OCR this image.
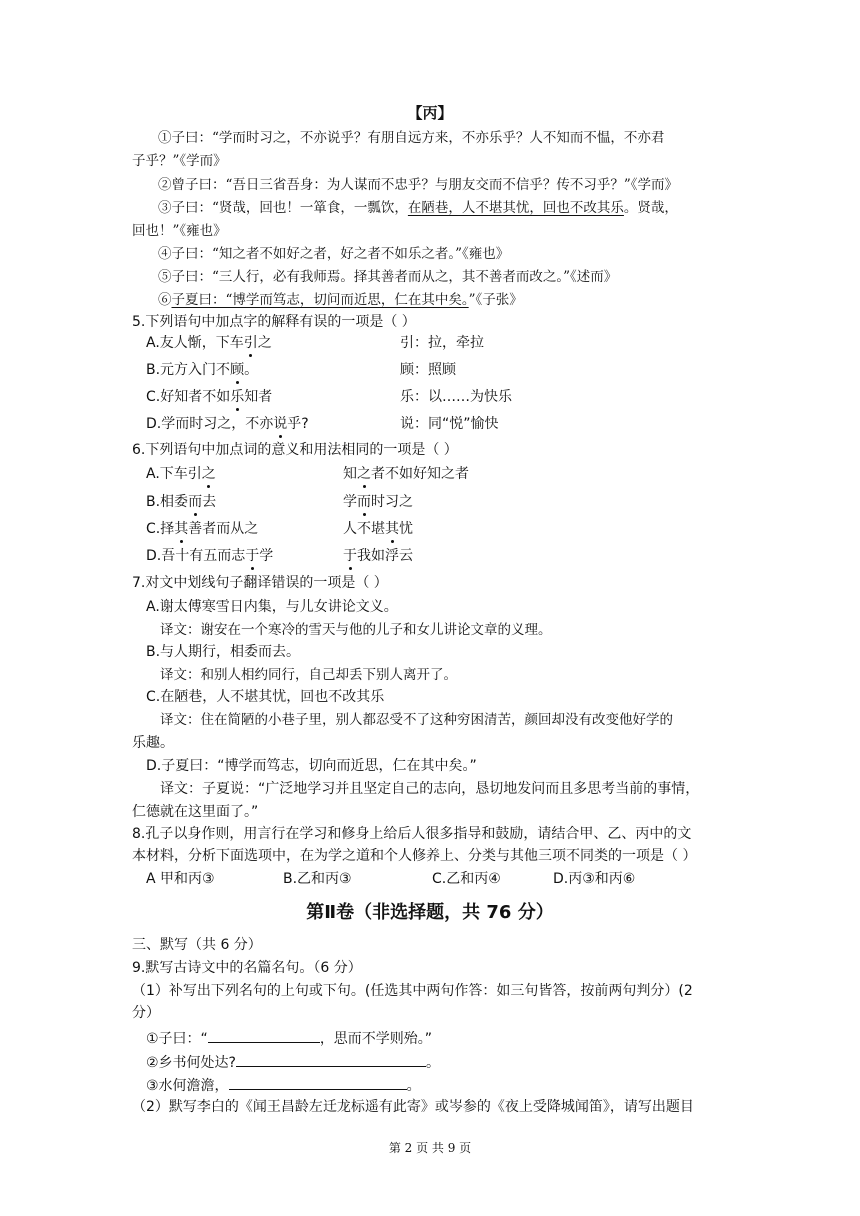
【丙】
①子曰：“学而时习之，不亦说乎？有朋自远方来，不亦乐乎？人不知而不愠，不亦君
子乎？”《学而》
②曾子曰：“吾日三省吾身：为人谋而不忠乎？与朋友交而不信乎？传不习乎？”《学而》
③子曰：“贤哉，回也！一箪食，一瓢饮，在陋巷，人不堪其忧，回也不改其乐。贤哉，
回也！”《雍也》
④子曰：“知之者不如好之者，好之者不如乐之者。”《雍也》
⑤子曰：“三人行，必有我师焉。择其善者而从之，其不善者而改之。”《述而》
⑥子夏曰：“博学而笃志，切问而近思，仁在其中矣。”《子张》
5.下列语句中加点字的解释有误的一项是（ ）
A.友人惭，下车引之	引：拉，牵拉
B.元方入门不顾。	顾：照顾
C.好知者不如乐知者	乐：以……为快乐
D.学而时习之，不亦说乎?	说：同“悦”愉快
6.下列语句中加点词的意义和用法相同的一项是（ ）
A.下车引之	知之者不如好知之者
B.相委而去	学而时习之
C.择其善者而从之	人不堪其忧
D.吾十有五而志于学	于我如浮云
7.对文中划线句子翻译错误的一项是（ ）
A.谢太傅寒雪日内集，与儿女讲论文义。
译文：谢安在一个寒冷的雪天与他的儿子和女儿讲论文章的义理。
B.与人期行，相委而去。
译文：和别人相约同行，自己却丢下别人离开了。
C.在陋巷，人不堪其忧，回也不改其乐
译文：住在简陋的小巷子里，别人都忍受不了这种穷困清苦，颜回却没有改变他好学的
乐趣。
D.子夏曰：“博学而笃志，切向而近思，仁在其中矣。”
译文：子夏说：“广泛地学习并且坚定自己的志向，恳切地发问而且多思考当前的事情，
仁德就在这里面了。”
8.孔子以身作则，用言行在学习和修身上给后人很多指导和鼓励，请结合甲、乙、丙中的文
本材料，分析下面选项中，在为学之道和个人修养上、分类与其他三项不同类的一项是（ ）
A 甲和丙③	B.乙和丙③	C.乙和丙④	D.丙③和丙⑥
第Ⅱ卷（非选择题，共 76 分）
三、默写（共 6 分）
9.默写古诗文中的名篇名句。（6 分）
（1）补写出下列名句的上句或下句。(任选其中两句作答：如三句皆答，按前两句判分）(2
分）
①子曰：“	，思而不学则殆。”
②乡书何处达?	。
③水何澹澹，	。
（2）默写李白的《闻王昌龄左迁龙标遥有此寄》或岑参的《夜上受降城闻笛》，请写出题目
第 2 页 共 9 页
